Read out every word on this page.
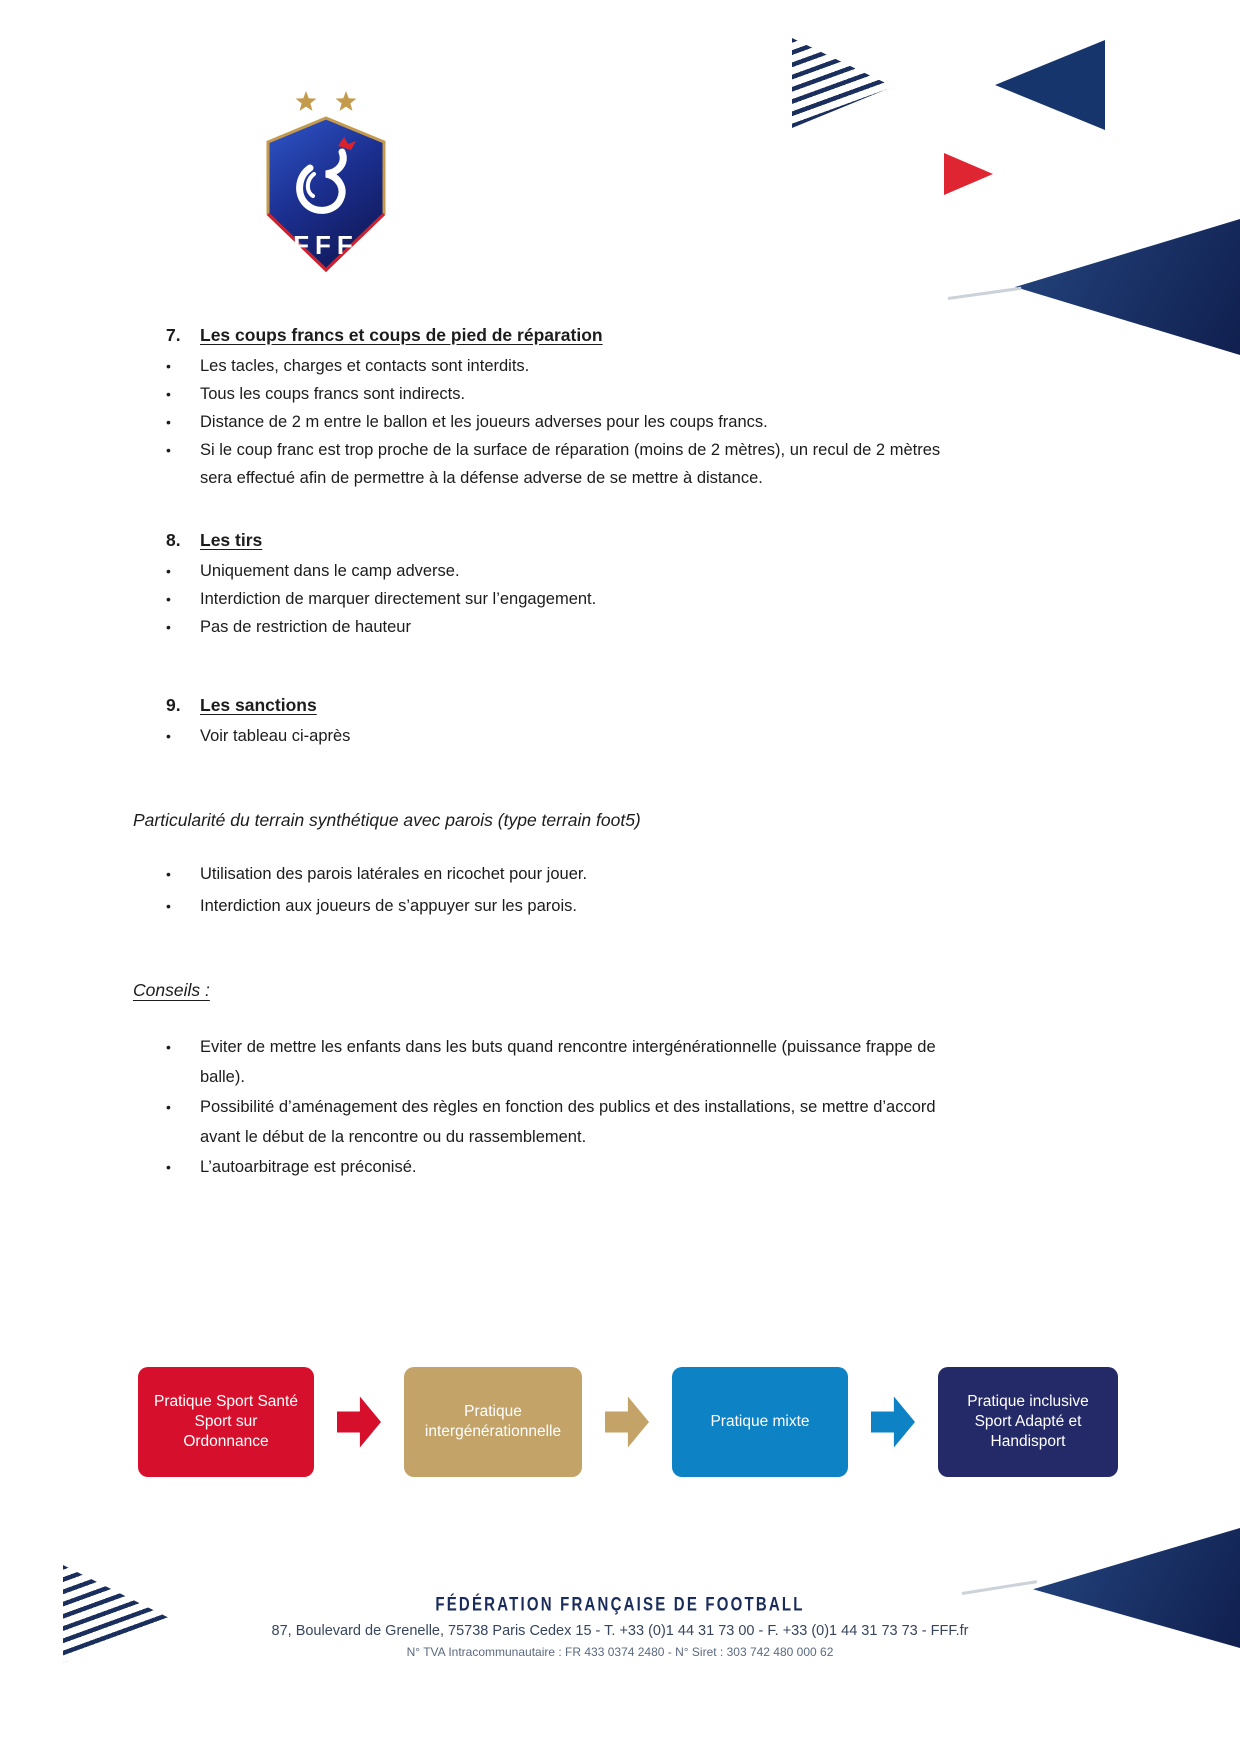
FFF
7.	Les coups francs et coups de pied de réparation
•	Les tacles, charges et contacts sont interdits.
•	Tous les coups francs sont indirects.
•	Distance de 2 m entre le ballon et les joueurs adverses pour les coups francs.
•	Si le coup franc est trop proche de la surface de réparation (moins de 2 mètres), un recul de 2 mètres sera effectué afin de permettre à la défense adverse de se mettre à distance.
8.	Les tirs
•	Uniquement dans le camp adverse.
•	Interdiction de marquer directement sur l’engagement.
•	Pas de restriction de hauteur
9.	Les sanctions
•	Voir tableau ci-après
Particularité du terrain synthétique avec parois (type terrain foot5)
•	Utilisation des parois latérales en ricochet pour jouer.
•	Interdiction aux joueurs de s’appuyer sur les parois.
Conseils :
•	Eviter de mettre les enfants dans les buts quand rencontre intergénérationnelle (puissance frappe de balle).
•	Possibilité d’aménagement des règles en fonction des publics et des installations, se mettre d’accord avant le début de la rencontre ou du rassemblement.
•	L’autoarbitrage est préconisé.
Pratique Sport Santé
Sport sur
Ordonnance
Pratique
intergénérationnelle
Pratique mixte
Pratique inclusive
Sport Adapté et
Handisport
FÉDÉRATION FRANÇAISE DE FOOTBALL
87, Boulevard de Grenelle, 75738 Paris Cedex 15 - T. +33 (0)1 44 31 73 00 - F. +33 (0)1 44 31 73 73 - FFF.fr
N° TVA Intracommunautaire : FR 433 0374 2480 - N° Siret : 303 742 480 000 62
